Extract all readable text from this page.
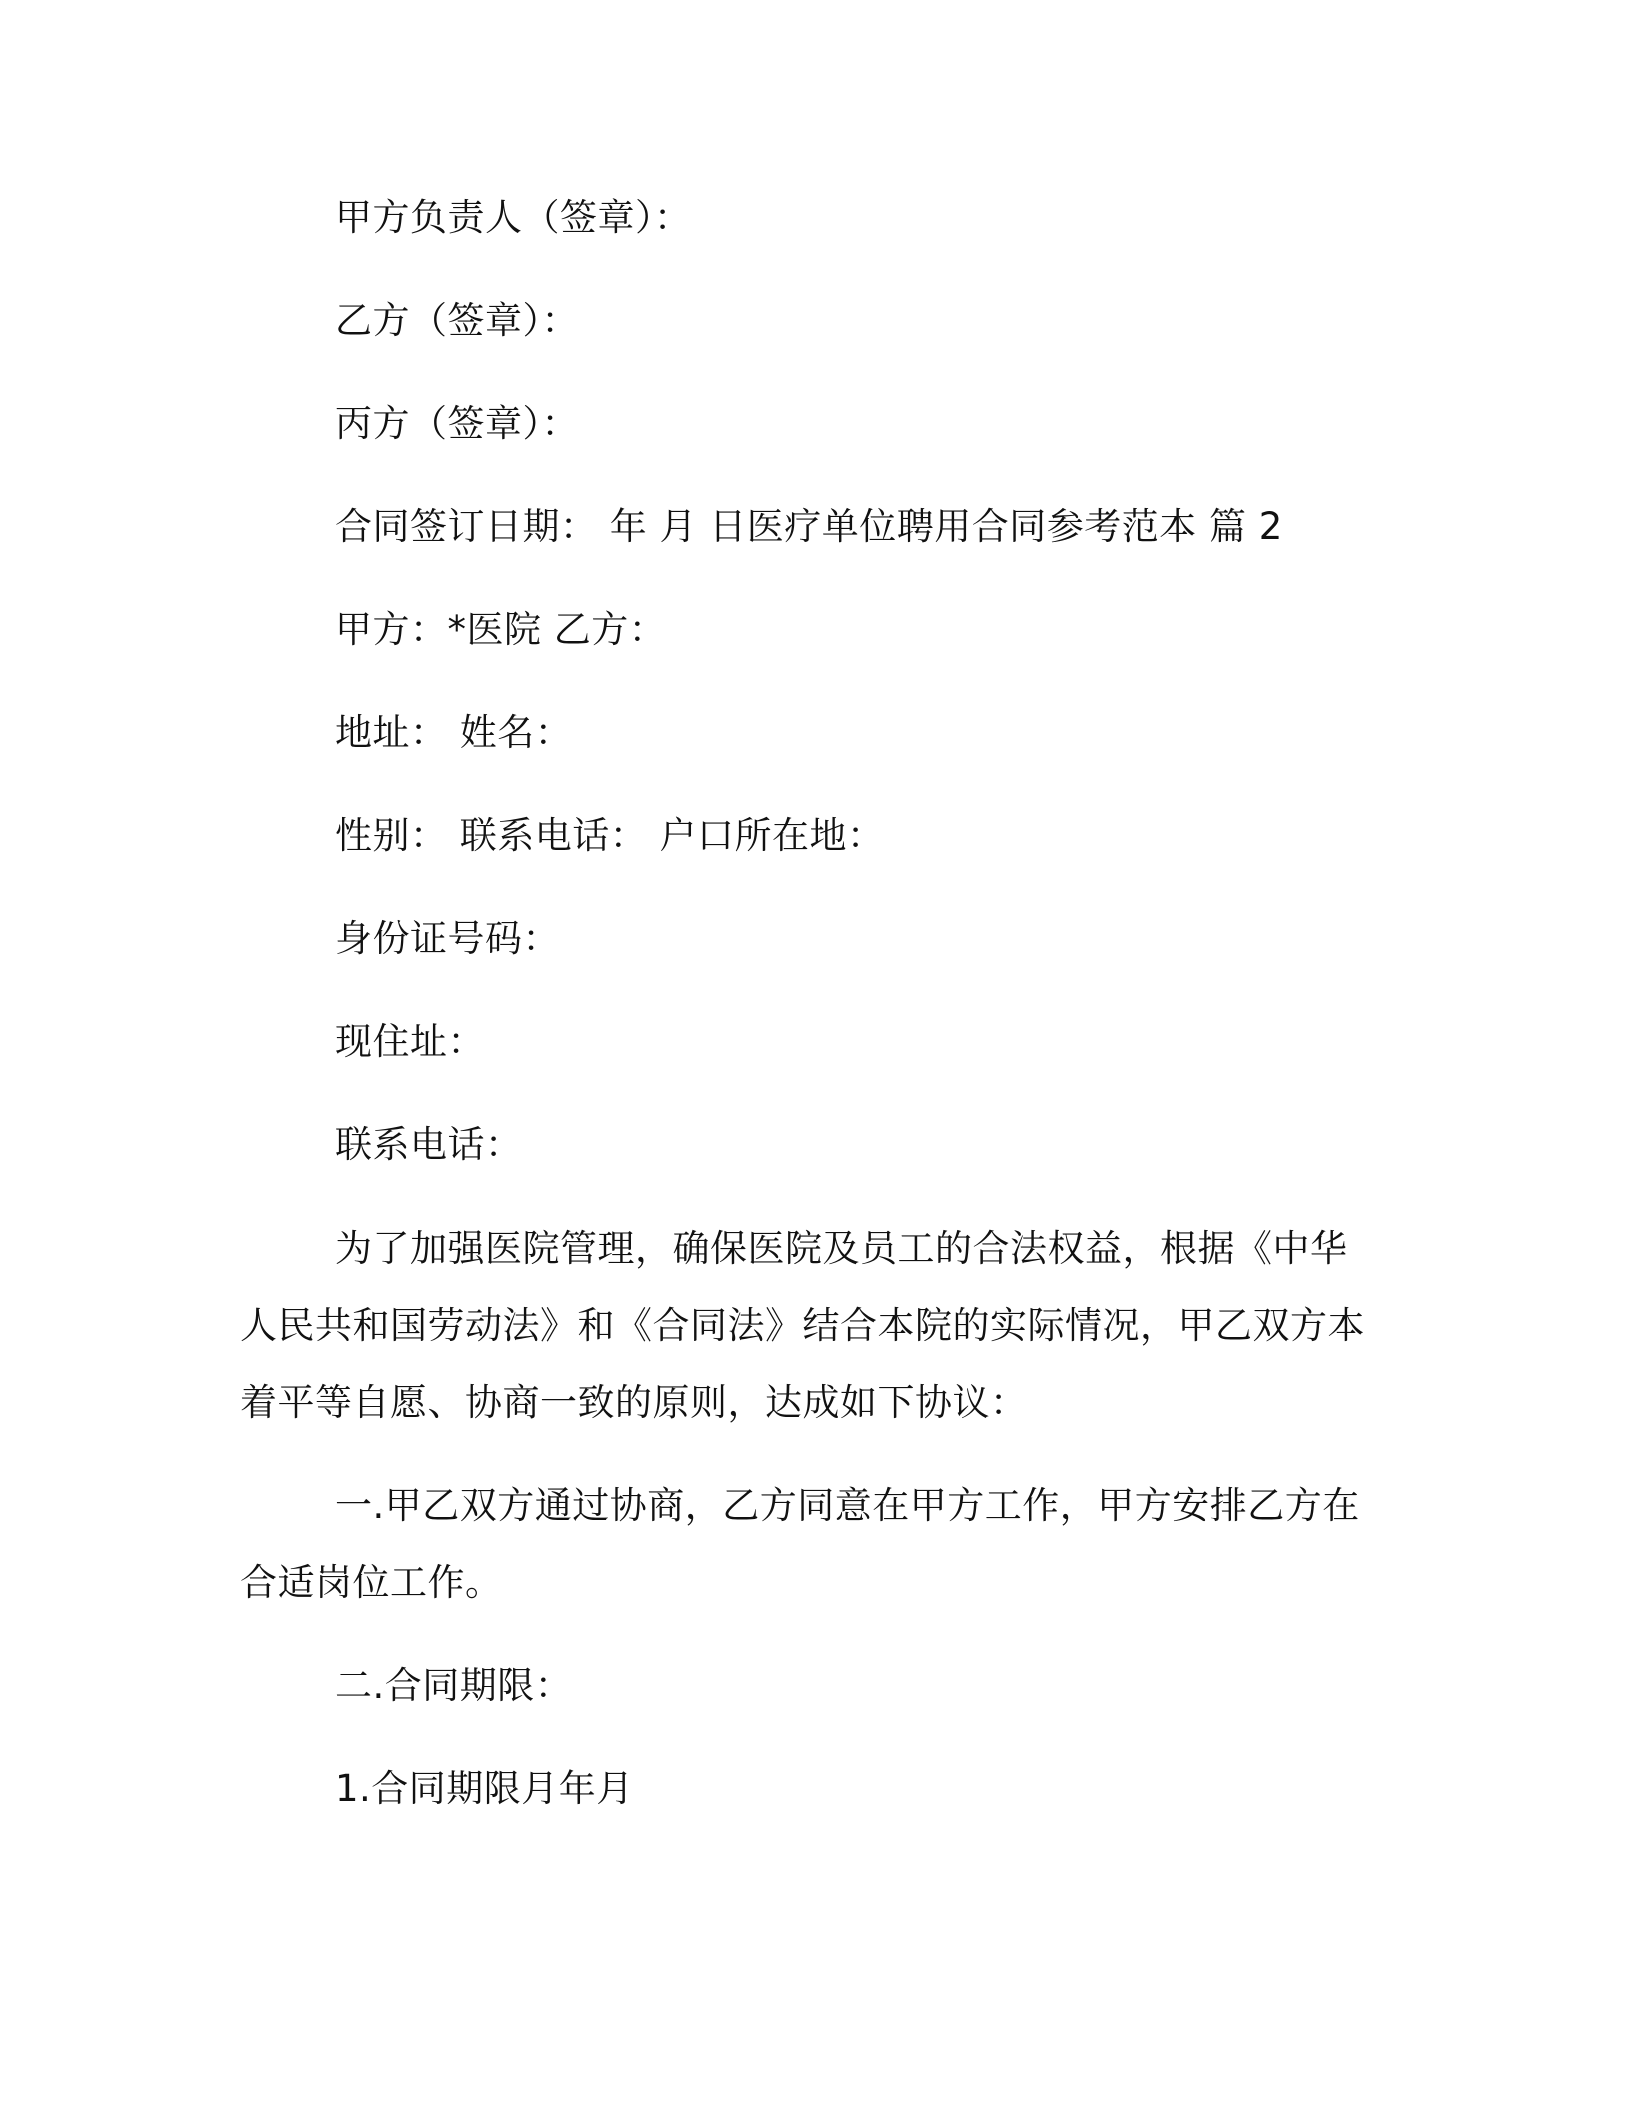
甲方负责人（签章）：
乙方（签章）：
丙方（签章）：
合同签订日期： 年 月 日医疗单位聘用合同参考范本 篇 2
甲方：*医院 乙方：
地址： 姓名：
性别： 联系电话： 户口所在地：
身份证号码：
现住址：
联系电话：

为了加强医院管理，确保医院及员工的合法权益，根据《中华人民共和国劳动法》和《合同法》结合本院的实际情况，甲乙双方本着平等自愿、协商一致的原则，达成如下协议：

一.甲乙双方通过协商，乙方同意在甲方工作，甲方安排乙方在合适岗位工作。

二.合同期限：
1.合同期限月年月
